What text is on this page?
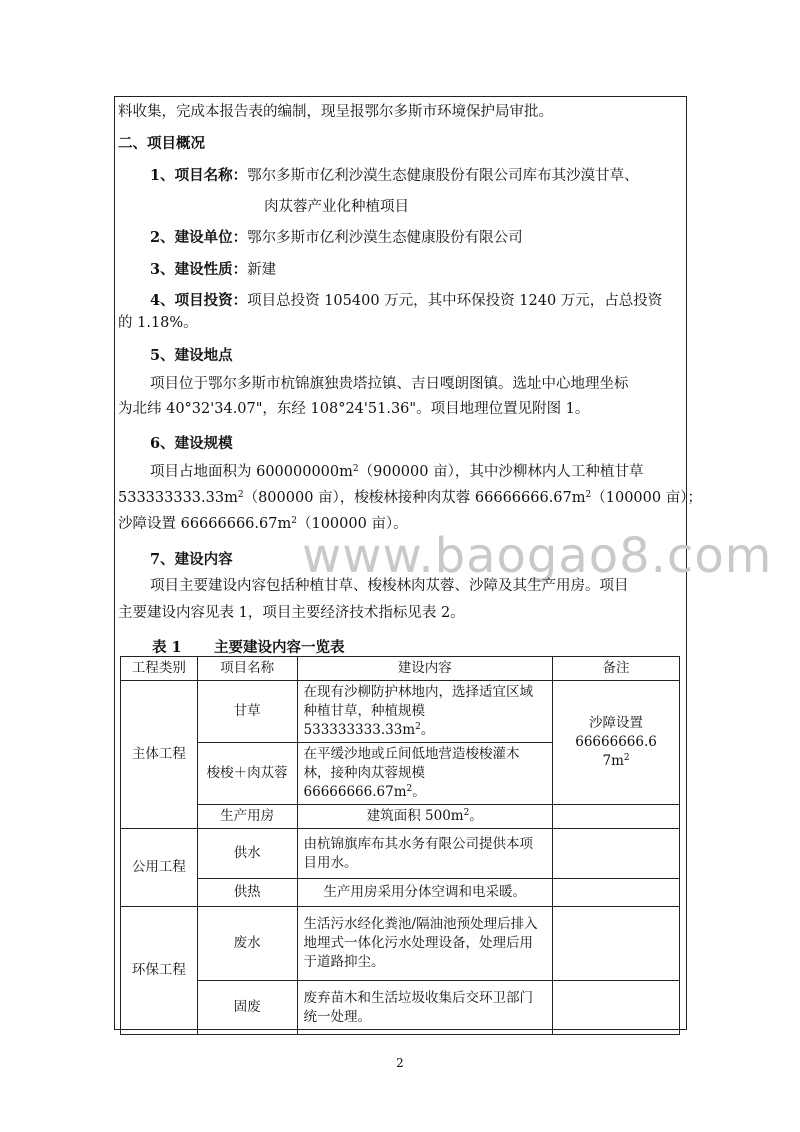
料收集，完成本报告表的编制，现呈报鄂尔多斯市环境保护局审批。
二、项目概况
1、项目名称：鄂尔多斯市亿利沙漠生态健康股份有限公司库布其沙漠甘草、
肉苁蓉产业化种植项目
2、建设单位：鄂尔多斯市亿利沙漠生态健康股份有限公司
3、建设性质：新建
4、项目投资：项目总投资 105400 万元，其中环保投资 1240 万元，占总投资
的 1.18%。
5、建设地点
项目位于鄂尔多斯市杭锦旗独贵塔拉镇、吉日嘎朗图镇。选址中心地理坐标
为北纬 40°32'34.07"，东经 108°24'51.36"。项目地理位置见附图 1。
6、建设规模
项目占地面积为 $600000000m^2(900000$ 亩），其中沙柳林内人工种植甘草
$533333333.33m^2(800000$ 亩），梭梭林接种肉苁蓉 $66666666.67m^2(100000$ 亩）；
沙障设置 $66666666.67m^2(100000$ 亩）。
www.baogao8.com
7、建设内容
项目主要建设内容包括种植甘草、梭梭林肉苁蓉、沙障及其生产用房。项目
主要建设内容见表 1，项目主要经济技术指标见表 2。
表 1 主要建设内容一览表
工程类别	项目名称	建设内容	备注
主体工程	甘草	在现有沙柳防护林地内，选择适宜区域种植甘草，种植规模 $533333333.33m^2$。	沙障设置
66666666.6
$7m^2$
	梭梭＋肉苁蓉	在平缓沙地或丘间低地营造梭梭灌木林，接种肉苁蓉规模 $66666666.67m^2$。	
	生产用房	建筑面积 $500m^2$。	
公用工程	供水	由杭锦旗库布其水务有限公司提供本项目用水。	
	供热	生产用房采用分体空调和电采暖。	
环保工程	废水	生活污水经化粪池/隔油池预处理后排入地埋式一体化污水处理设备，处理后用于道路抑尘。	
	固废	废弃苗木和生活垃圾收集后交环卫部门统一处理。	
2
